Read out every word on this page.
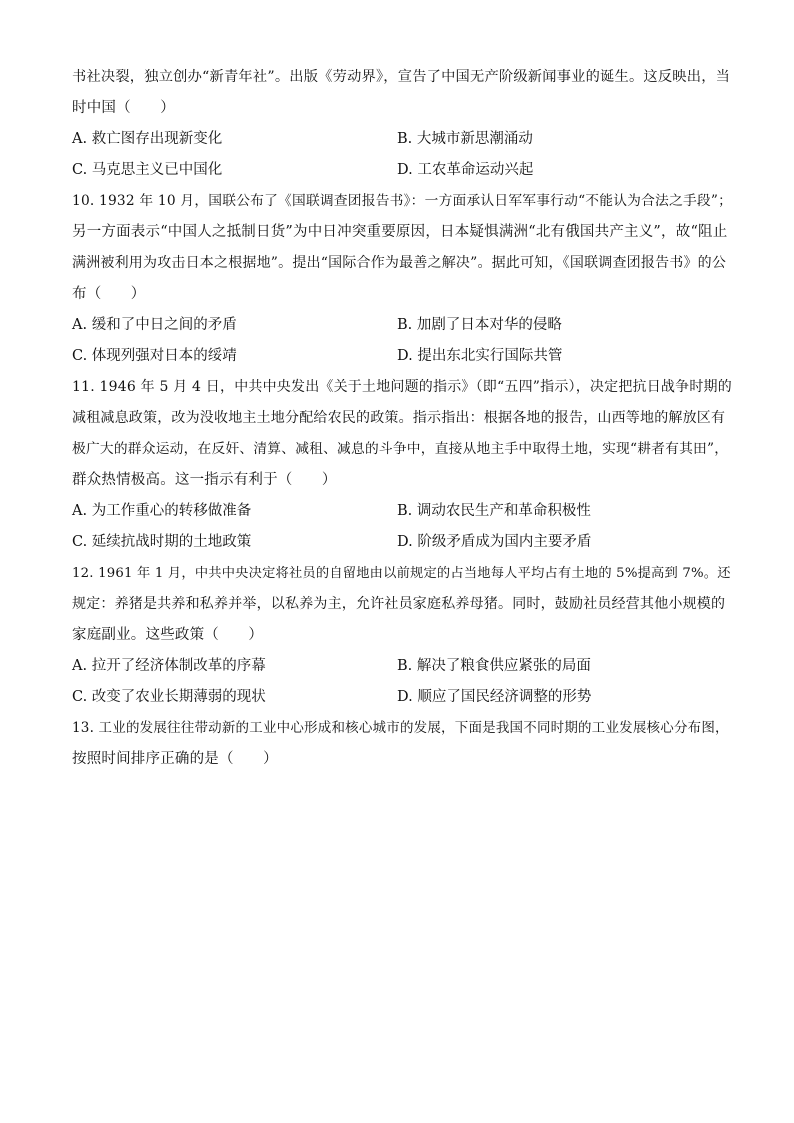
书社决裂，独立创办“新青年社”。出版《劳动界》，宣告了中国无产阶级新闻事业的诞生。这反映出，当
时中国（　　）
A. 救亡图存出现新变化	B. 大城市新思潮涌动
C. 马克思主义已中国化	D. 工农革命运动兴起
10. 1932 年 10 月，国联公布了《国联调查团报告书》：一方面承认日军军事行动“不能认为合法之手段”；
另一方面表示“中国人之抵制日货”为中日冲突重要原因，日本疑惧满洲“北有俄国共产主义”，故“阻止
满洲被利用为攻击日本之根据地”。提出“国际合作为最善之解决”。据此可知，《国联调查团报告书》的公
布（　　）
A. 缓和了中日之间的矛盾	B. 加剧了日本对华的侵略
C. 体现列强对日本的绥靖	D. 提出东北实行国际共管
11. 1946 年 5 月 4 日，中共中央发出《关于土地问题的指示》（即“五四”指示），决定把抗日战争时期的
减租减息政策，改为没收地主土地分配给农民的政策。指示指出：根据各地的报告，山西等地的解放区有
极广大的群众运动，在反奸、清算、减租、减息的斗争中，直接从地主手中取得土地，实现“耕者有其田”，
群众热情极高。这一指示有利于（　　）
A. 为工作重心的转移做准备	B. 调动农民生产和革命积极性
C. 延续抗战时期的土地政策	D. 阶级矛盾成为国内主要矛盾
12. 1961 年 1 月，中共中央决定将社员的自留地由以前规定的占当地每人平均占有土地的 5%提高到 7%。还
规定：养猪是共养和私养并举，以私养为主，允许社员家庭私养母猪。同时，鼓励社员经营其他小规模的
家庭副业。这些政策（　　）
A. 拉开了经济体制改革的序幕	B. 解决了粮食供应紧张的局面
C. 改变了农业长期薄弱的现状	D. 顺应了国民经济调整的形势
13. 工业的发展往往带动新的工业中心形成和核心城市的发展，下面是我国不同时期的工业发展核心分布图，
按照时间排序正确的是（　　）
